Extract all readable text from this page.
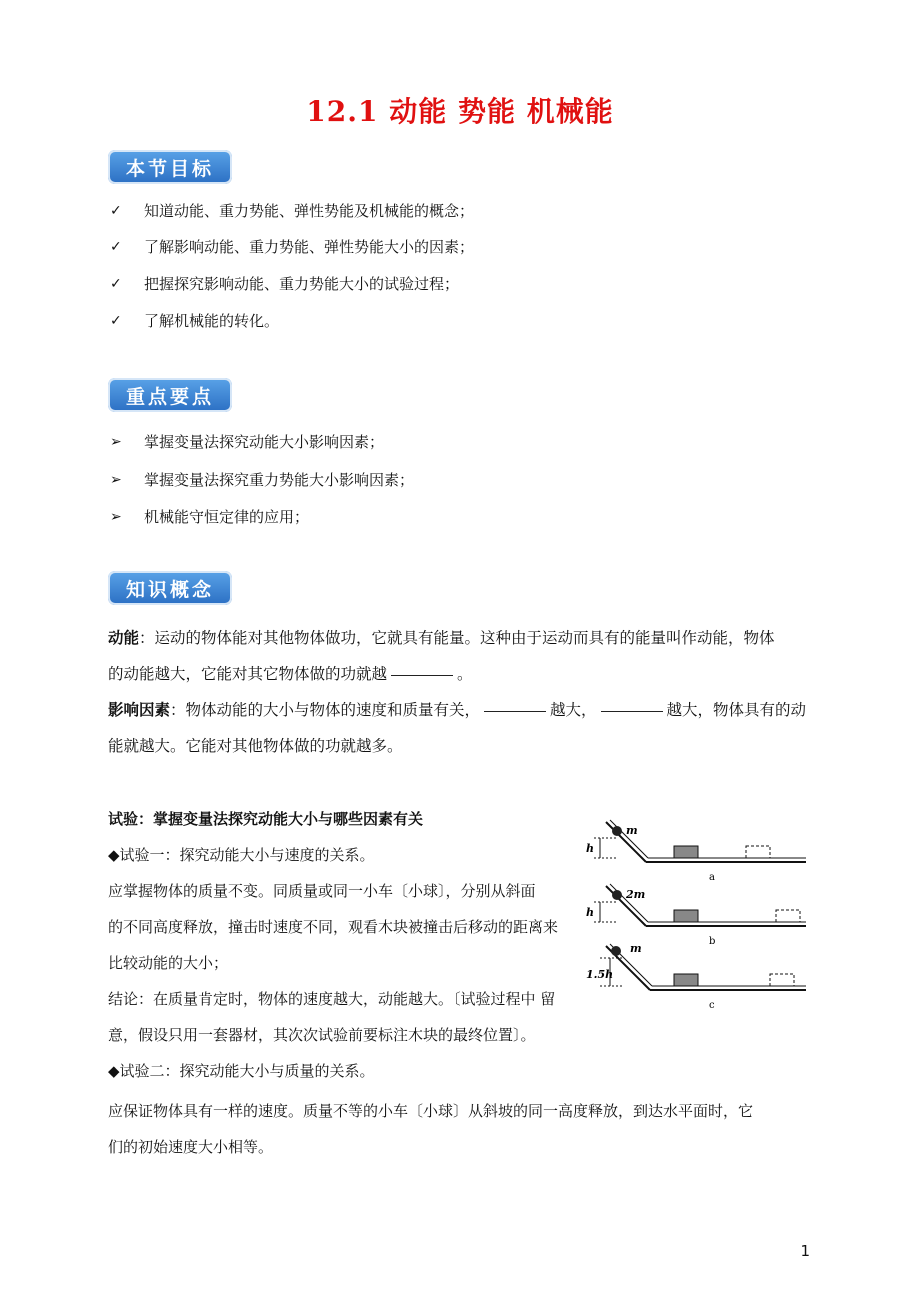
12.1 动能 势能 机械能
本节目标
✓	知道动能、重力势能、弹性势能及机械能的概念；
✓	了解影响动能、重力势能、弹性势能大小的因素；
✓	把握探究影响动能、重力势能大小的试验过程；
✓	了解机械能的转化。
重点要点
➢	掌握变量法探究动能大小影响因素；
➢	掌握变量法探究重力势能大小影响因素；
➢	机械能守恒定律的应用；
知识概念
动能：运动的物体能对其他物体做功，它就具有能量。这种由于运动而具有的能量叫作动能，物体
的动能越大，它能对其它物体做的功就越	。
影响因素：物体动能的大小与物体的速度和质量有关，	越大，	越大，物体具有的动
能就越大。它能对其他物体做的功就越多。
试验：掌握变量法探究动能大小与哪些因素有关
◆试验一：探究动能大小与速度的关系。
应掌握物体的质量不变。同质量或同一小车〔小球〕，分别从斜面
的不同高度释放，撞击时速度不同，观看木块被撞击后移动的距离来
比较动能的大小；
结论：在质量肯定时，物体的速度越大，动能越大。〔试验过程中 留
意，假设只用一套器材，其次次试验前要标注木块的最终位置〕。
◆试验二：探究动能大小与质量的关系。
应保证物体具有一样的速度。质量不等的小车〔小球〕从斜坡的同一高度释放，到达水平面时，它
们的初始速度大小相等。
m
h
a
2m
h
b
m
1.5h
c
1
